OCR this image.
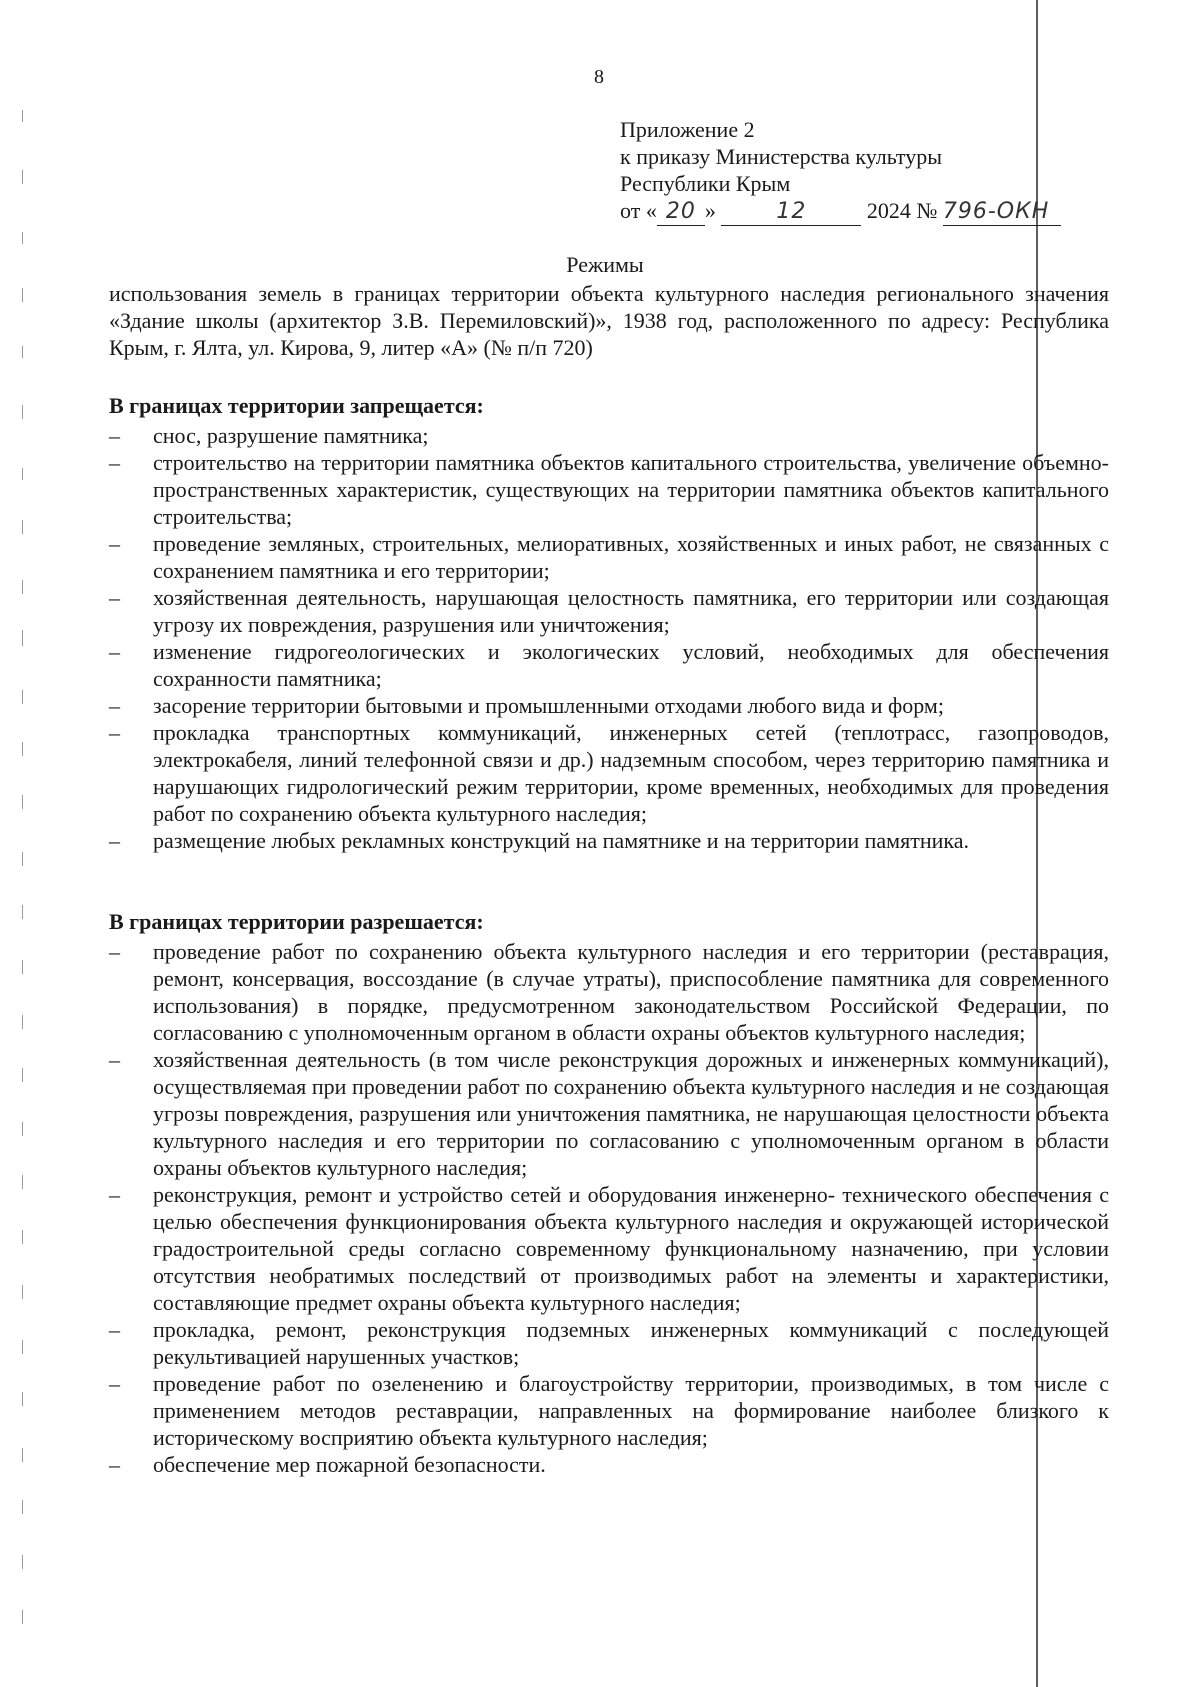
8
Приложение 2
к приказу Министерства культуры
Республики Крым
от « 20 »	12	2024 № 796-ОКН
Режимы
использования земель в границах территории объекта культурного наследия регионального значения «Здание школы (архитектор З.В. Перемиловский)», 1938 год, расположенного по адресу: Республика Крым, г. Ялта, ул. Кирова, 9, литер «А» (№ п/п 720)
В границах территории запрещается:
– снос, разрушение памятника;
– строительство на территории памятника объектов капитального строительства, увеличение объемно-пространственных характеристик, существующих на территории памятника объектов капитального строительства;
– проведение земляных, строительных, мелиоративных, хозяйственных и иных работ, не связанных с сохранением памятника и его территории;
– хозяйственная деятельность, нарушающая целостность памятника, его территории или создающая угрозу их повреждения, разрушения или уничтожения;
– изменение гидрогеологических и экологических условий, необходимых для обеспечения сохранности памятника;
– засорение территории бытовыми и промышленными отходами любого вида и форм;
– прокладка транспортных коммуникаций, инженерных сетей (теплотрасс, газопроводов, электрокабеля, линий телефонной связи и др.) надземным способом, через территорию памятника и нарушающих гидрологический режим территории, кроме временных, необходимых для проведения работ по сохранению объекта культурного наследия;
– размещение любых рекламных конструкций на памятнике и на территории памятника.
В границах территории разрешается:
– проведение работ по сохранению объекта культурного наследия и его территории (реставрация, ремонт, консервация, воссоздание (в случае утраты), приспособление памятника для современного использования) в порядке, предусмотренном законодательством Российской Федерации, по согласованию с уполномоченным органом в области охраны объектов культурного наследия;
– хозяйственная деятельность (в том числе реконструкция дорожных и инженерных коммуникаций), осуществляемая при проведении работ по сохранению объекта культурного наследия и не создающая угрозы повреждения, разрушения или уничтожения памятника, не нарушающая целостности объекта культурного наследия и его территории по согласованию с уполномоченным органом в области охраны объектов культурного наследия;
– реконструкция, ремонт и устройство сетей и оборудования инженерно- технического обеспечения с целью обеспечения функционирования объекта культурного наследия и окружающей исторической градостроительной среды согласно современному функциональному назначению, при условии отсутствия необратимых последствий от производимых работ на элементы и характеристики, составляющие предмет охраны объекта культурного наследия;
– прокладка, ремонт, реконструкция подземных инженерных коммуникаций с последующей рекультивацией нарушенных участков;
– проведение работ по озеленению и благоустройству территории, производимых, в том числе с применением методов реставрации, направленных на формирование наиболее близкого к историческому восприятию объекта культурного наследия;
– обеспечение мер пожарной безопасности.
